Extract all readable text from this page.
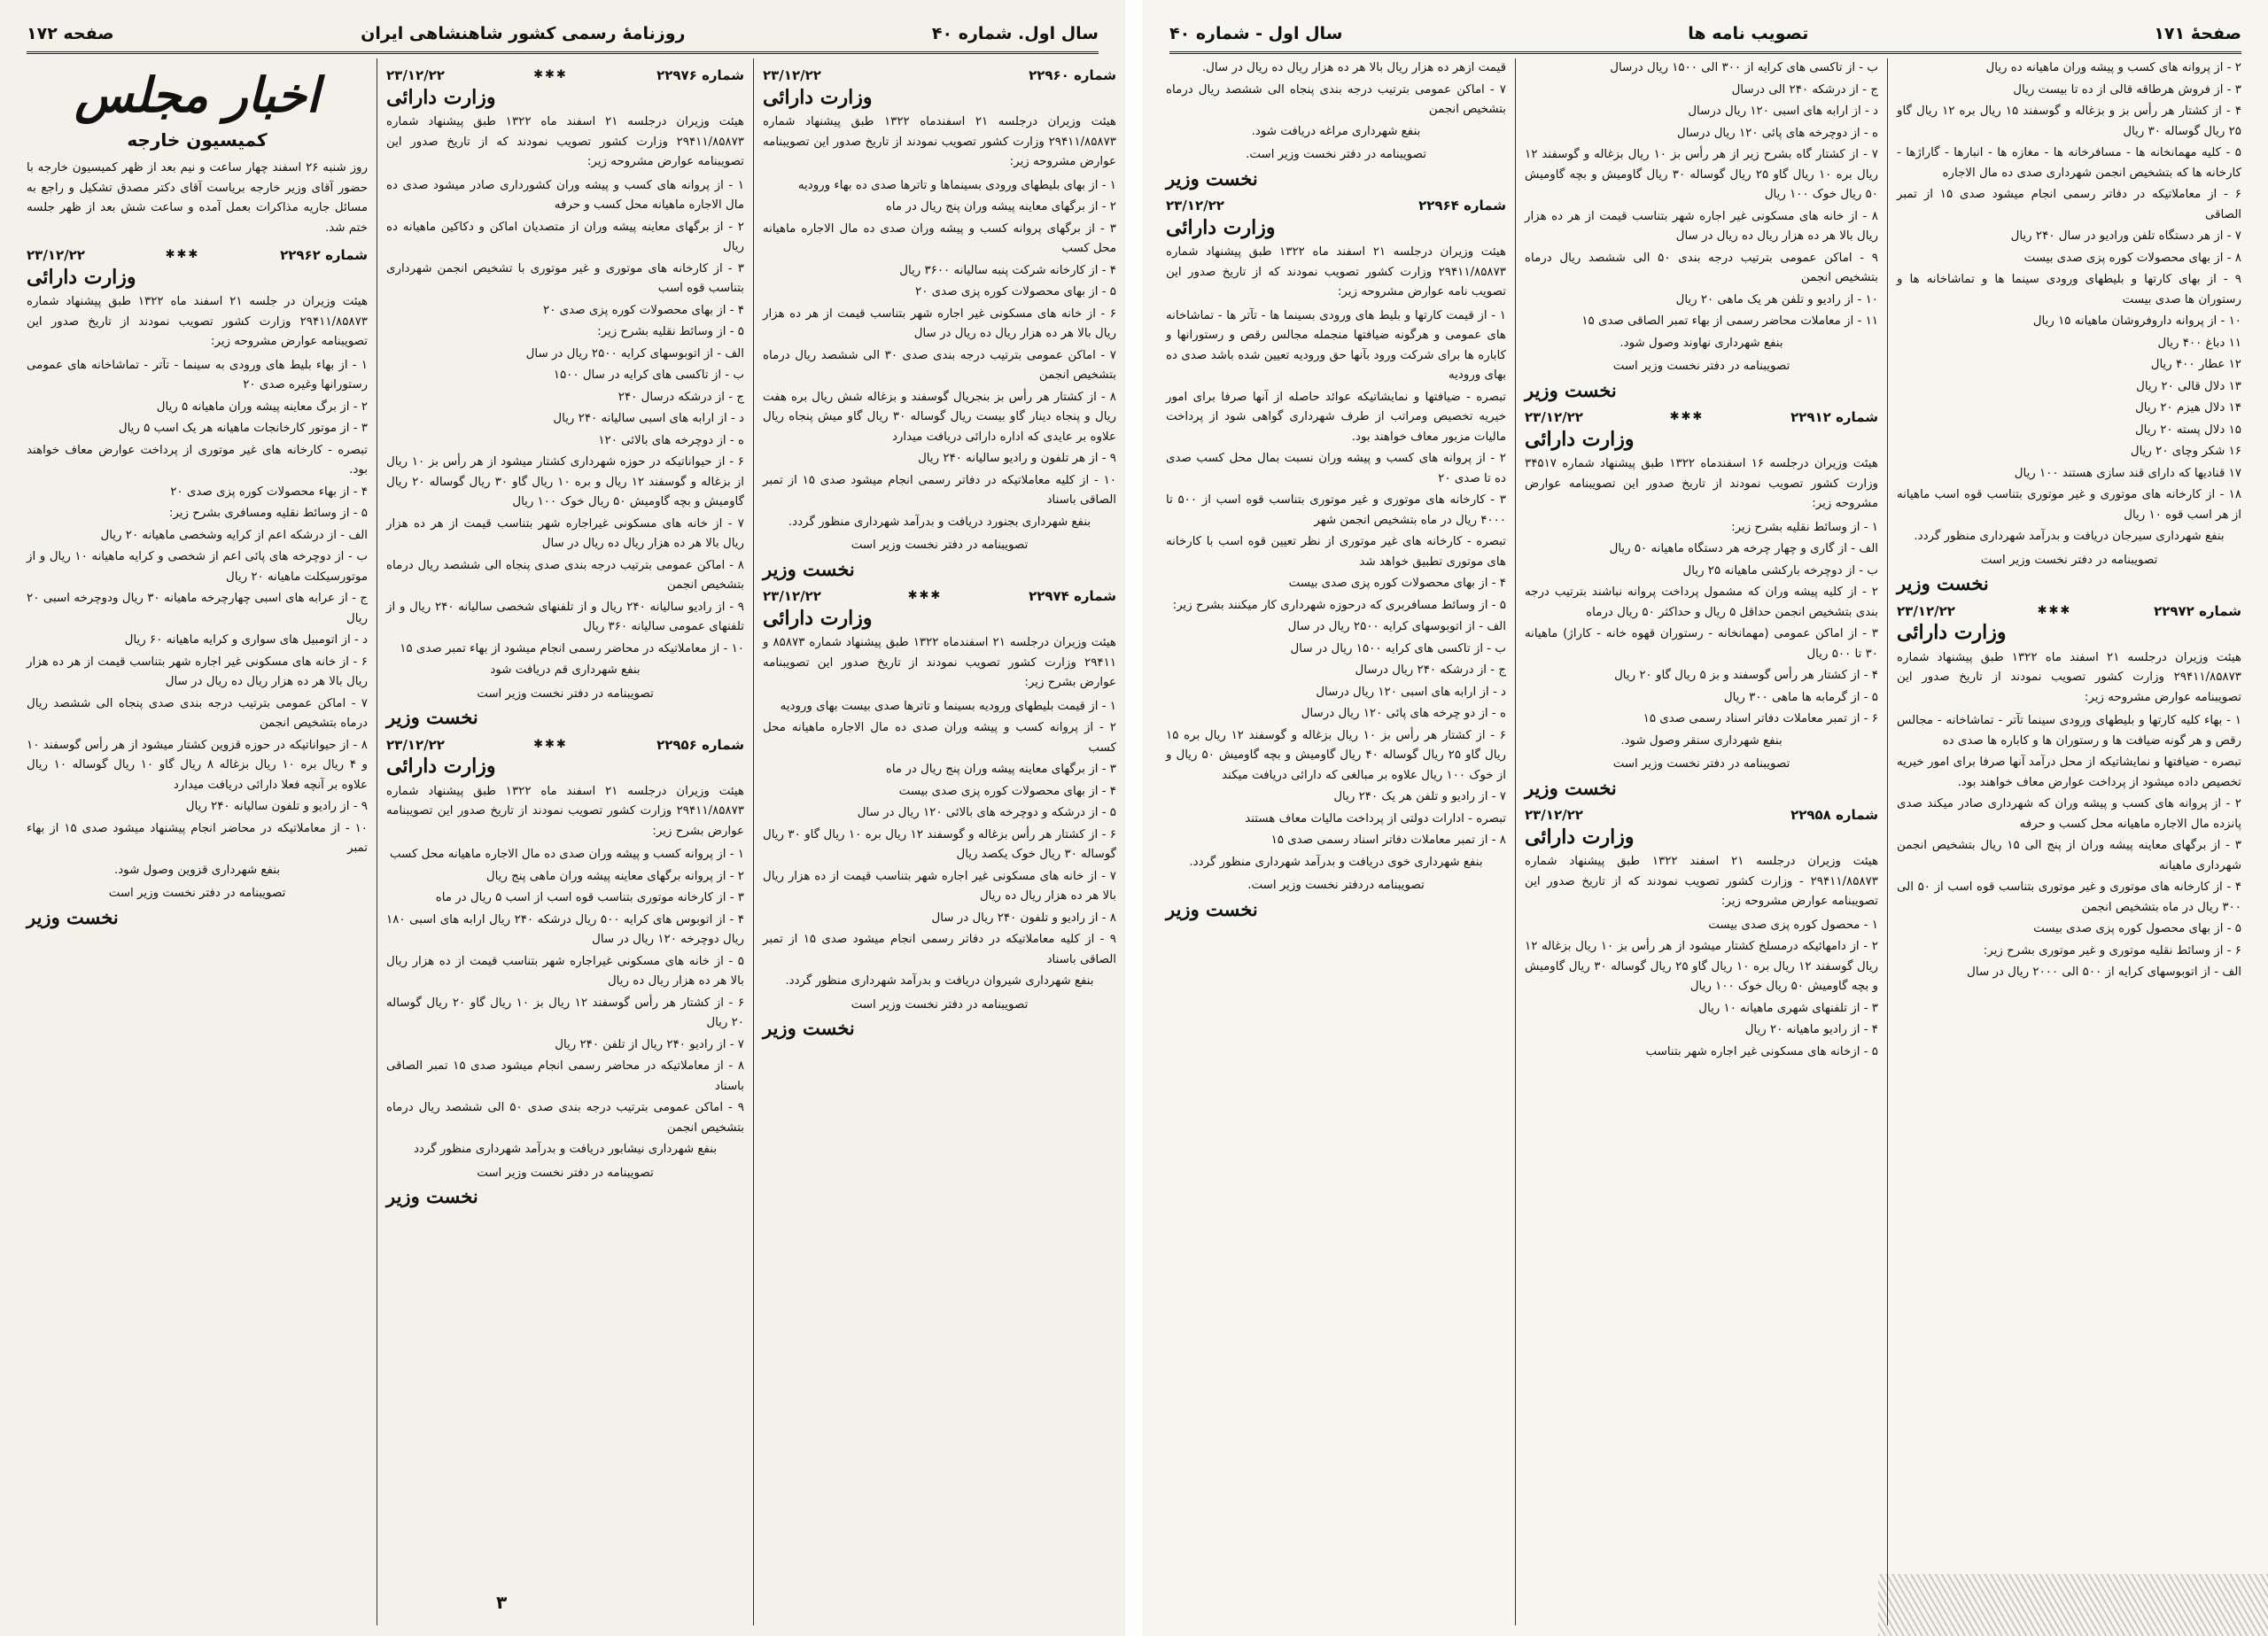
سال اول. شماره ۴۰
روزنامهٔ رسمی کشور شاهنشاهی ایران
صفحه ۱۷۲
شماره ۲۲۹۶۰
۲۳/۱۲/۲۲
وزارت دارائی
هیئت وزیران درجلسه ۲۱ اسفندماه ۱۳۲۲ طبق پیشنهاد شماره ۲۹۴۱۱/۸۵۸۷۳ وزارت کشور تصویب نمودند از تاریخ صدور این تصویبنامه عوارض مشروحه زیر:
۱ - از بهای بلیطهای ورودی بسینماها و تاترها صدی ده بهاء ورودیه
۲ - از برگهای معاینه پیشه وران پنج ریال در ماه
۳ - از برگهای پروانه کسب و پیشه وران صدی ده مال الاجاره ماهیانه محل کسب
۴ - از کارخانه شرکت پنبه سالیانه ۳۶۰۰ ریال
۵ - از بهای محصولات کوره پزی صدی ۲۰
۶ - از خانه های مسکونی غیر اجاره شهر بتناسب قیمت از هر ده هزار ریال بالا هر ده هزار ریال ده ریال در سال
۷ - اماکن عمومی بترتیب درجه بندی صدی ۳۰ الی ششصد ریال درماه بتشخیص انجمن
۸ - از کشتار هر رأس بز بنجریال گوسفند و بزغاله شش ریال بره هفت ریال و پنجاه دینار گاو بیست ریال گوساله ۳۰ ریال گاو میش پنجاه ریال علاوه بر عایدی که اداره دارائی دریافت میدارد
۹ - از هر تلفون و رادیو سالیانه ۲۴۰ ریال
۱۰ - از کلیه معاملاتیکه در دفاتر رسمی انجام میشود صدی ۱۵ از تمبر الصاقی باسناد
بنفع شهرداری بجنورد دریافت و بدرآمد شهرداری منظور گردد.
تصویبنامه در دفتر نخست وزیر است
نخست وزیر
شماره ۲۲۹۷۴
✱✱✱
۲۳/۱۲/۲۲
وزارت دارائی
هیئت وزیران درجلسه ۲۱ اسفندماه ۱۳۲۲ طبق پیشنهاد شماره ۸۵۸۷۳ و ۲۹۴۱۱ وزارت کشور تصویب نمودند از تاریخ صدور این تصویبنامه عوارض بشرح زیر:
۱ - از قیمت بلیطهای ورودیه بسینما و تاترها صدی بیست بهای ورودیه
۲ - از پروانه کسب و پیشه وران صدی ده مال الاجاره ماهیانه محل کسب
۳ - از برگهای معاینه پیشه وران پنج ریال در ماه
۴ - از بهای محصولات کوره پزی صدی بیست
۵ - از درشکه و دوچرخه های بالائی ۱۲۰ ریال در سال
۶ - از کشتار هر رأس بزغاله و گوسفند ۱۲ ریال بره ۱۰ ریال گاو ۳۰ ریال گوساله ۳۰ ریال خوک یکصد ریال
۷ - از خانه های مسکونی غیر اجاره شهر بتناسب قیمت از ده هزار ریال بالا هر ده هزار ریال ده ریال
۸ - از رادیو و تلفون ۲۴۰ ریال در سال
۹ - از کلیه معاملاتیکه در دفاتر رسمی انجام میشود صدی ۱۵ از تمبر الصاقی باسناد
بنفع شهرداری شیروان دریافت و بدرآمد شهرداری منظور گردد.
تصویبنامه در دفتر نخست وزیر است
نخست وزیر
شماره ۲۲۹۷۶
✱✱✱
۲۳/۱۲/۲۲
وزارت دارائی
هیئت وزیران درجلسه ۲۱ اسفند ماه ۱۳۲۲ طبق پیشنهاد شماره ۲۹۴۱۱/۸۵۸۷۳ وزارت کشور تصویب نمودند که از تاریخ صدور این تصویبنامه عوارض مشروحه زیر:
۱ - از پروانه های کسب و پیشه وران کشورداری صادر میشود صدی ده مال الاجاره ماهیانه محل کسب و حرفه
۲ - از برگهای معاینه پیشه وران از متصدیان اماکن و دکاکین ماهیانه ده ریال
۳ - از کارخانه های موتوری و غیر موتوری با تشخیص انجمن شهرداری بتناسب قوه اسب
۴ - از بهای محصولات کوره پزی صدی ۲۰
۵ - از وسائط نقلیه بشرح زیر:
الف - از اتوبوسهای کرایه ۲۵۰۰ ریال در سال
ب - از تاکسی های کرایه در سال ۱۵۰۰
ج - از درشکه درسال ۲۴۰
د - از ارابه های اسبی سالیانه ۲۴۰ ریال
ه - از دوچرخه های بالائی ۱۲۰
۶ - از حیواناتیکه در حوزه شهرداری کشتار میشود از هر رأس بز ۱۰ ریال از بزغاله و گوسفند ۱۲ ریال و بره ۱۰ ریال گاو ۳۰ ریال گوساله ۲۰ ریال گاومیش و بچه گاومیش ۵۰ ریال خوک ۱۰۰ ریال
۷ - از خانه های مسکونی غیراجاره شهر بتناسب قیمت از هر ده هزار ریال بالا هر ده هزار ریال ده ریال در سال
۸ - اماکن عمومی بترتیب درجه بندی صدی پنجاه الی ششصد ریال درماه بتشخیص انجمن
۹ - از رادیو سالیانه ۲۴۰ ریال و از تلفنهای شخصی سالیانه ۲۴۰ ریال و از تلفنهای عمومی سالیانه ۳۶۰ ریال
۱۰ - از معاملاتیکه در محاضر رسمی انجام میشود از بهاء تمبر صدی ۱۵
بنفع شهرداری قم دریافت شود
تصویبنامه در دفتر نخست وزیر است
نخست وزیر
شماره ۲۲۹۵۶
✱✱✱
۲۳/۱۲/۲۲
وزارت دارائی
هیئت وزیران درجلسه ۲۱ اسفند ماه ۱۳۲۲ طبق پیشنهاد شماره ۲۹۴۱۱/۸۵۸۷۳ وزارت کشور تصویب نمودند از تاریخ صدور این تصویبنامه عوارض بشرح زیر:
۱ - از پروانه کسب و پیشه وران صدی ده مال الاجاره ماهیانه محل کسب
۲ - از پروانه برگهای معاینه پیشه وران ماهی پنج ریال
۳ - از کارخانه موتوری بتناسب قوه اسب از اسب ۵ ریال در ماه
۴ - از اتوبوس های کرایه ۵۰۰ ریال درشکه ۲۴۰ ریال ارابه های اسبی ۱۸۰ ریال دوچرخه ۱۲۰ ریال در سال
۵ - از خانه های مسکونی غیراجاره شهر بتناسب قیمت از ده هزار ریال بالا هر ده هزار ریال ده ریال
۶ - از کشتار هر رأس گوسفند ۱۲ ریال بز ۱۰ ریال گاو ۲۰ ریال گوساله ۲۰ ریال
۷ - از رادیو ۲۴۰ ریال از تلفن ۲۴۰ ریال
۸ - از معاملاتیکه در محاضر رسمی انجام میشود صدی ۱۵ تمبر الصاقی باسناد
۹ - اماکن عمومی بترتیب درجه بندی صدی ۵۰ الی ششصد ریال درماه بتشخیص انجمن
بنفع شهرداری نیشابور دریافت و بدرآمد شهرداری منظور گردد
تصویبنامه در دفتر نخست وزیر است
نخست وزیر
اخبار مجلس
کمیسیون خارجه
روز شنبه ۲۶ اسفند چهار ساعت و نیم بعد از ظهر کمیسیون خارجه با حضور آقای وزیر خارجه بریاست آقای دکتر مصدق تشکیل و راجع به مسائل جاریه مذاکرات بعمل آمده و ساعت شش بعد از ظهر جلسه ختم شد.
شماره ۲۲۹۶۲
✱✱✱
۲۳/۱۲/۲۲
وزارت دارائی
هیئت وزیران در جلسه ۲۱ اسفند ماه ۱۳۲۲ طبق پیشنهاد شماره ۲۹۴۱۱/۸۵۸۷۳ وزارت کشور تصویب نمودند از تاریخ صدور این تصویبنامه عوارض مشروحه زیر:
۱ - از بهاء بلیط های ورودی به سینما - تآتر - تماشاخانه های عمومی رستورانها وغیره صدی ۲۰
۲ - از برگ معاینه پیشه وران ماهیانه ۵ ریال
۳ - از موتور کارخانجات ماهیانه هر یک اسب ۵ ریال
تبصره - کارخانه های غیر موتوری از پرداخت عوارض معاف خواهند بود.
۴ - از بهاء محصولات کوره پزی صدی ۲۰
۵ - از وسائط نقلیه ومسافری بشرح زیر:
الف - از درشکه اعم از کرایه وشخصی ماهیانه ۲۰ ریال
ب - از دوچرخه های پائی اعم از شخصی و کرایه ماهیانه ۱۰ ریال و از موتورسیکلت ماهیانه ۲۰ ریال
ج - از عرابه های اسبی چهارچرخه ماهیانه ۳۰ ریال ودوچرخه اسبی ۲۰ ریال
د - از اتومبیل های سواری و کرایه ماهیانه ۶۰ ریال
۶ - از خانه های مسکونی غیر اجاره شهر بتناسب قیمت از هر ده هزار ریال بالا هر ده هزار ریال ده ریال در سال
۷ - اماکن عمومی بترتیب درجه بندی صدی پنجاه الی ششصد ریال درماه بتشخیص انجمن
۸ - از حیواناتیکه در حوزه قزوین کشتار میشود از هر رأس گوسفند ۱۰ و ۴ ریال بره ۱۰ ریال بزغاله ۸ ریال گاو ۱۰ ریال گوساله ۱۰ ریال علاوه بر آنچه فعلا دارائی دریافت میدارد
۹ - از رادیو و تلفون سالیانه ۲۴۰ ریال
۱۰ - از معاملاتیکه در محاضر انجام پیشنهاد میشود صدی ۱۵ از بهاء تمبر
بنفع شهرداری قزوین وصول شود.
تصویبنامه در دفتر نخست وزیر است
نخست وزیر
۳
صفحهٔ ۱۷۱
تصویب نامه ها
سال اول - شماره ۴۰
۲ - از پروانه های کسب و پیشه وران ماهیانه ده ریال
۳ - از فروش هرطاقه قالی از ده تا بیست ریال
۴ - از کشتار هر رأس بز و بزغاله و گوسفند ۱۵ ریال بره ۱۲ ریال گاو ۲۵ ریال گوساله ۳۰ ریال
۵ - کلیه مهمانخانه ها - مسافرخانه ها - مغازه ها - انبارها - گاراژها - کارخانه ها که بتشخیص انجمن شهرداری صدی ده مال الاجاره
۶ - از معاملاتیکه در دفاتر رسمی انجام میشود صدی ۱۵ از تمبر الصاقی
۷ - از هر دستگاه تلفن ورادیو در سال ۲۴۰ ریال
۸ - از بهای محصولات کوره پزی صدی بیست
۹ - از بهای کارتها و بلیطهای ورودی سینما ها و تماشاخانه ها و رستوران ها صدی بیست
۱۰ - از پروانه داروفروشان ماهیانه ۱۵ ریال
۱۱ دباغ ۴۰۰ ریال
۱۲ عطار ۴۰۰ ریال
۱۳ دلال قالی ۲۰ ریال
۱۴ دلال هیزم ۲۰ ریال
۱۵ دلال پسته ۲۰ ریال
۱۶ شکر وچای ۲۰ ریال
۱۷ قنادیها که دارای قند سازی هستند ۱۰۰ ریال
۱۸ - از کارخانه های موتوری و غیر موتوری بتناسب قوه اسب ماهیانه از هر اسب قوه ۱۰ ریال
بنفع شهرداری سیرجان دریافت و بدرآمد شهرداری منظور گردد.
تصویبنامه در دفتر نخست وزیر است
نخست وزیر
شماره ۲۲۹۷۲
✱✱✱
۲۳/۱۲/۲۲
وزارت دارائی
هیئت وزیران درجلسه ۲۱ اسفند ماه ۱۳۲۲ طبق پیشنهاد شماره ۲۹۴۱۱/۸۵۸۷۳ وزارت کشور تصویب نمودند از تاریخ صدور این تصویبنامه عوارض مشروحه زیر:
۱ - بهاء کلیه کارتها و بلیطهای ورودی سینما تآتر - تماشاخانه - مجالس رقص و هر گونه ضیافت ها و رستوران ها و کاباره ها صدی ده
تبصره - ضیافتها و نمایشاتیکه از محل درآمد آنها صرفا برای امور خیریه تخصیص داده میشود از پرداخت عوارض معاف خواهند بود.
۲ - از پروانه های کسب و پیشه وران که شهرداری صادر میکند صدی پانزده مال الاجاره ماهیانه محل کسب و حرفه
۳ - از برگهای معاینه پیشه وران از پنج الی ۱۵ ریال بتشخیص انجمن شهرداری ماهیانه
۴ - از کارخانه های موتوری و غیر موتوری بتناسب قوه اسب از ۵۰ الی ۳۰۰ ریال در ماه بتشخیص انجمن
۵ - از بهای محصول کوره پزی صدی بیست
۶ - از وسائط نقلیه موتوری و غیر موتوری بشرح زیر:
الف - از اتوبوسهای کرایه از ۵۰۰ الی ۲۰۰۰ ریال در سال
ب - از تاکسی های کرایه از ۳۰۰ الی ۱۵۰۰ ریال درسال
ج - از درشکه ۲۴۰ الی درسال
د - از ارابه های اسبی ۱۲۰ ریال درسال
ه - از دوچرخه های پائی ۱۲۰ ریال درسال
۷ - از کشتار گاه بشرح زیر از هر رأس بز ۱۰ ریال بزغاله و گوسفند ۱۲ ریال بره ۱۰ ریال گاو ۲۵ ریال گوساله ۳۰ ریال گاومیش و بچه گاومیش ۵۰ ریال خوک ۱۰۰ ریال
۸ - از خانه های مسکونی غیر اجاره شهر بتناسب قیمت از هر ده هزار ریال بالا هر ده هزار ریال ده ریال در سال
۹ - اماکن عمومی بترتیب درجه بندی ۵۰ الی ششصد ریال درماه بتشخیص انجمن
۱۰ - از رادیو و تلفن هر یک ماهی ۲۰ ریال
۱۱ - از معاملات محاضر رسمی از بهاء تمبر الصاقی صدی ۱۵
بنفع شهرداری نهاوند وصول شود.
تصویبنامه در دفتر نخست وزیر است
نخست وزیر
شماره ۲۲۹۱۲
✱✱✱
۲۳/۱۲/۲۲
وزارت دارائی
هیئت وزیران درجلسه ۱۶ اسفندماه ۱۳۲۲ طبق پیشنهاد شماره ۳۴۵۱۷ وزارت کشور تصویب نمودند از تاریخ صدور این تصویبنامه عوارض مشروحه زیر:
۱ - از وسائط نقلیه بشرح زیر:
الف - از گاری و چهار چرخه هر دستگاه ماهیانه ۵۰ ریال
ب - از دوچرخه بارکشی ماهیانه ۲۵ ریال
۲ - از کلیه پیشه وران که مشمول پرداخت پروانه نباشند بترتیب درجه بندی بتشخیص انجمن حداقل ۵ ریال و حداکثر ۵۰ ریال درماه
۳ - از اماکن عمومی (مهمانخانه - رستوران قهوه خانه - کاراژ) ماهیانه ۳۰ تا ۵۰۰ ریال
۴ - از کشتار هر رأس گوسفند و بز ۵ ریال گاو ۲۰ ریال
۵ - از گرمابه ها ماهی ۳۰۰ ریال
۶ - از تمبر معاملات دفاتر اسناد رسمی صدی ۱۵
بنفع شهرداری سنقر وصول شود.
تصویبنامه در دفتر نخست وزیر است
نخست وزیر
شماره ۲۲۹۵۸
۲۳/۱۲/۲۲
وزارت دارائی
هیئت وزیران درجلسه ۲۱ اسفند ۱۳۲۲ طبق پیشنهاد شماره ۲۹۴۱۱/۸۵۸۷۳ - وزارت کشور تصویب نمودند که از تاریخ صدور این تصویبنامه عوارض مشروحه زیر:
۱ - محصول کوره پزی صدی بیست
۲ - از دامهائیکه درمسلخ کشتار میشود از هر رأس بز ۱۰ ریال بزغاله ۱۲ ریال گوسفند ۱۲ ریال بره ۱۰ ریال گاو ۲۵ ریال گوساله ۳۰ ریال گاومیش و بچه گاومیش ۵۰ ریال خوک ۱۰۰ ریال
۳ - از تلفنهای شهری ماهیانه ۱۰ ریال
۴ - از رادیو ماهیانه ۲۰ ریال
۵ - ازخانه های مسکونی غیر اجاره شهر بتناسب
قیمت ازهر ده هزار ریال بالا هر ده هزار ریال ده ریال در سال.
۷ - اماکن عمومی بترتیب درجه بندی پنجاه الی ششصد ریال درماه بتشخیص انجمن
بنفع شهرداری مراغه دریافت شود.
تصویبنامه در دفتر نخست وزیر است.
نخست وزیر
شماره ۲۲۹۶۴
۲۳/۱۲/۲۲
وزارت دارائی
هیئت وزیران درجلسه ۲۱ اسفند ماه ۱۳۲۲ طبق پیشنهاد شماره ۲۹۴۱۱/۸۵۸۷۳ وزارت کشور تصویب نمودند که از تاریخ صدور این تصویب نامه عوارض مشروحه زیر:
۱ - از قیمت کارتها و بلیط های ورودی بسینما ها - تآتر ها - تماشاخانه های عمومی و هرگونه ضیافتها منجمله مجالس رقص و رستورانها و کاباره ها برای شرکت ورود بآنها حق ورودیه تعیین شده باشد صدی ده بهای ورودیه
تبصره - ضیافتها و نمایشاتیکه عوائد حاصله از آنها صرفا برای امور خیریه تخصیص ومراتب از طرف شهرداری گواهی شود از پرداخت مالیات مزبور معاف خواهند بود.
۲ - از پروانه های کسب و پیشه وران نسبت بمال محل کسب صدی ده تا صدی ۲۰
۳ - کارخانه های موتوری و غیر موتوری بتناسب قوه اسب از ۵۰۰ تا ۴۰۰۰ ریال در ماه بتشخیص انجمن شهر
تبصره - کارخانه های غیر موتوری از نظر تعیین قوه اسب با کارخانه های موتوری تطبیق خواهد شد
۴ - از بهای محصولات کوره پزی صدی بیست
۵ - از وسائط مسافربری که درحوزه شهرداری کار میکنند بشرح زیر:
الف - از اتوبوسهای کرایه ۲۵۰۰ ریال در سال
ب - از تاکسی های کرایه ۱۵۰۰ ریال در سال
ج - از درشکه ۲۴۰ ریال درسال
د - از ارابه های اسبی ۱۲۰ ریال درسال
ه - از دو چرخه های پائی ۱۲۰ ریال درسال
۶ - از کشتار هر رأس بز ۱۰ ریال بزغاله و گوسفند ۱۲ ریال بره ۱۵ ریال گاو ۲۵ ریال گوساله ۴۰ ریال گاومیش و بچه گاومیش ۵۰ ریال و از خوک ۱۰۰ ریال علاوه بر مبالغی که دارائی دریافت میکند
۷ - از رادیو و تلفن هر یک ۲۴۰ ریال
تبصره - ادارات دولتی از پرداخت مالیات معاف هستند
۸ - از تمبر معاملات دفاتر اسناد رسمی صدی ۱۵
بنفع شهرداری خوی دریافت و بدرآمد شهرداری منظور گردد.
تصویبنامه دردفتر نخست وزیر است.
نخست وزیر
